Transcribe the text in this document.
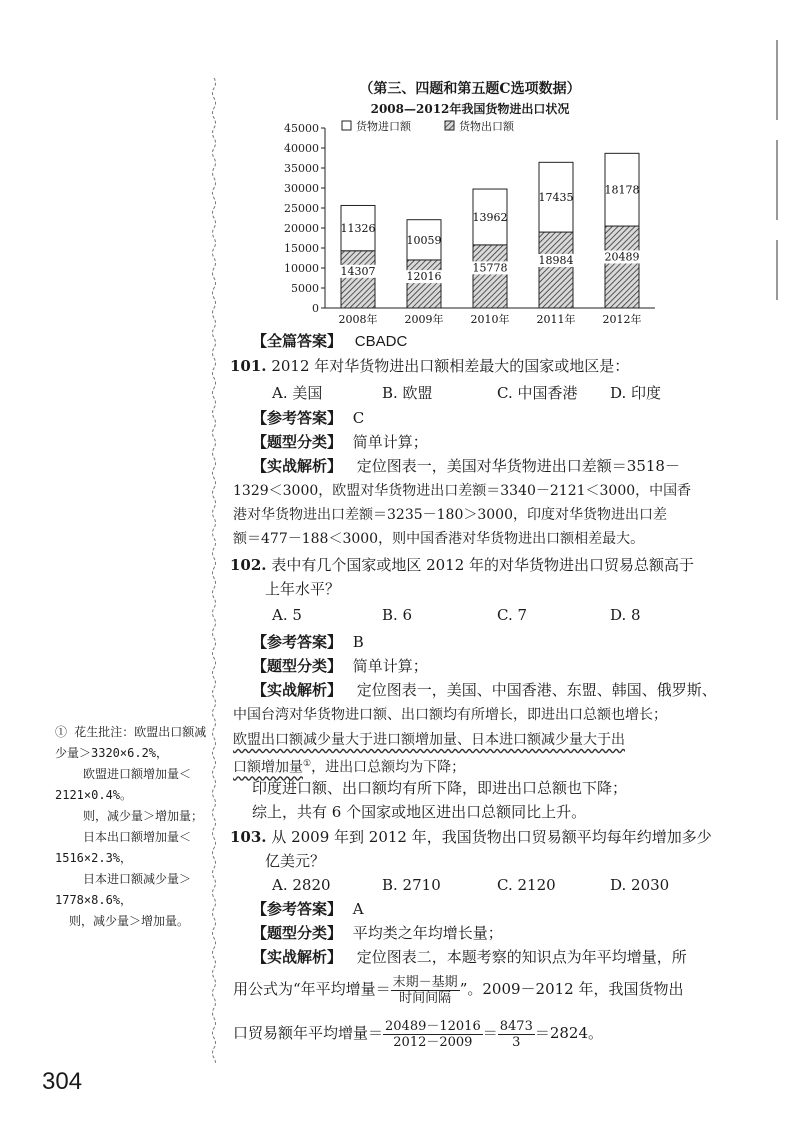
（第三、四题和第五题C选项数据）
2008—2012年我国货物进出口状况
0
5000
10000
15000
20000
25000
30000
35000
40000
45000
14307
11326
2008年
12016
10059
2009年
15778
13962
2010年
18984
17435
2011年
20489
18178
2012年
货物进口额	货物出口额
【全篇答案】 CBADC
101. 2012 年对华货物进出口额相差最大的国家或地区是：
A. 美国	B. 欧盟	C. 中国香港 D. 印度
【参考答案】 C
【题型分类】 简单计算；
【实战解析】 定位图表一，美国对华货物进出口差额＝3518－
1329＜3000，欧盟对华货物进出口差额＝3340－2121＜3000，中国香
港对华货物进出口差额＝3235－180＞3000，印度对华货物进出口差
额＝477－188＜3000，则中国香港对华货物进出口额相差最大。
102. 表中有几个国家或地区 2012 年的对华货物进出口贸易总额高于
上年水平？
A. 5	B. 6	C. 7	D. 8
【参考答案】 B
【题型分类】 简单计算；
【实战解析】 定位图表一，美国、中国香港、东盟、韩国、俄罗斯、
中国台湾对华货物进口额、出口额均有所增长，即进出口总额也增长；
欧盟出口额减少量大于进口额增加量、日本进口额减少量大于出
口额增加量①，进出口总额均为下降；
印度进口额、出口额均有所下降，即进出口总额也下降；
综上，共有 6 个国家或地区进出口总额同比上升。
① 花生批注：欧盟出口额减
少量＞3320×6.2%，
欧盟进口额增加量＜
2121×0.4%。
则，减少量＞增加量；
日本出口额增加量＜
1516×2.3%，
日本进口额减少量＞
1778×8.6%，
则，减少量＞增加量。
103. 从 2009 年到 2012 年，我国货物出口贸易额平均每年约增加多少
亿美元？
A. 2820	B. 2710	C. 2120	D. 2030
【参考答案】 A
【题型分类】 平均类之年均增长量；
【实战解析】 定位图表二，本题考察的知识点为年平均增量，所
用公式为“年平均增量＝ $\frac{\text{末期－基期}}{\text{时间间隔}}$ ”。2009－2012 年，我国货物出
口贸易额年平均增量＝ $\frac{20489-12016}{2012-2009} = \frac{8473}{3} =2824$。
304
